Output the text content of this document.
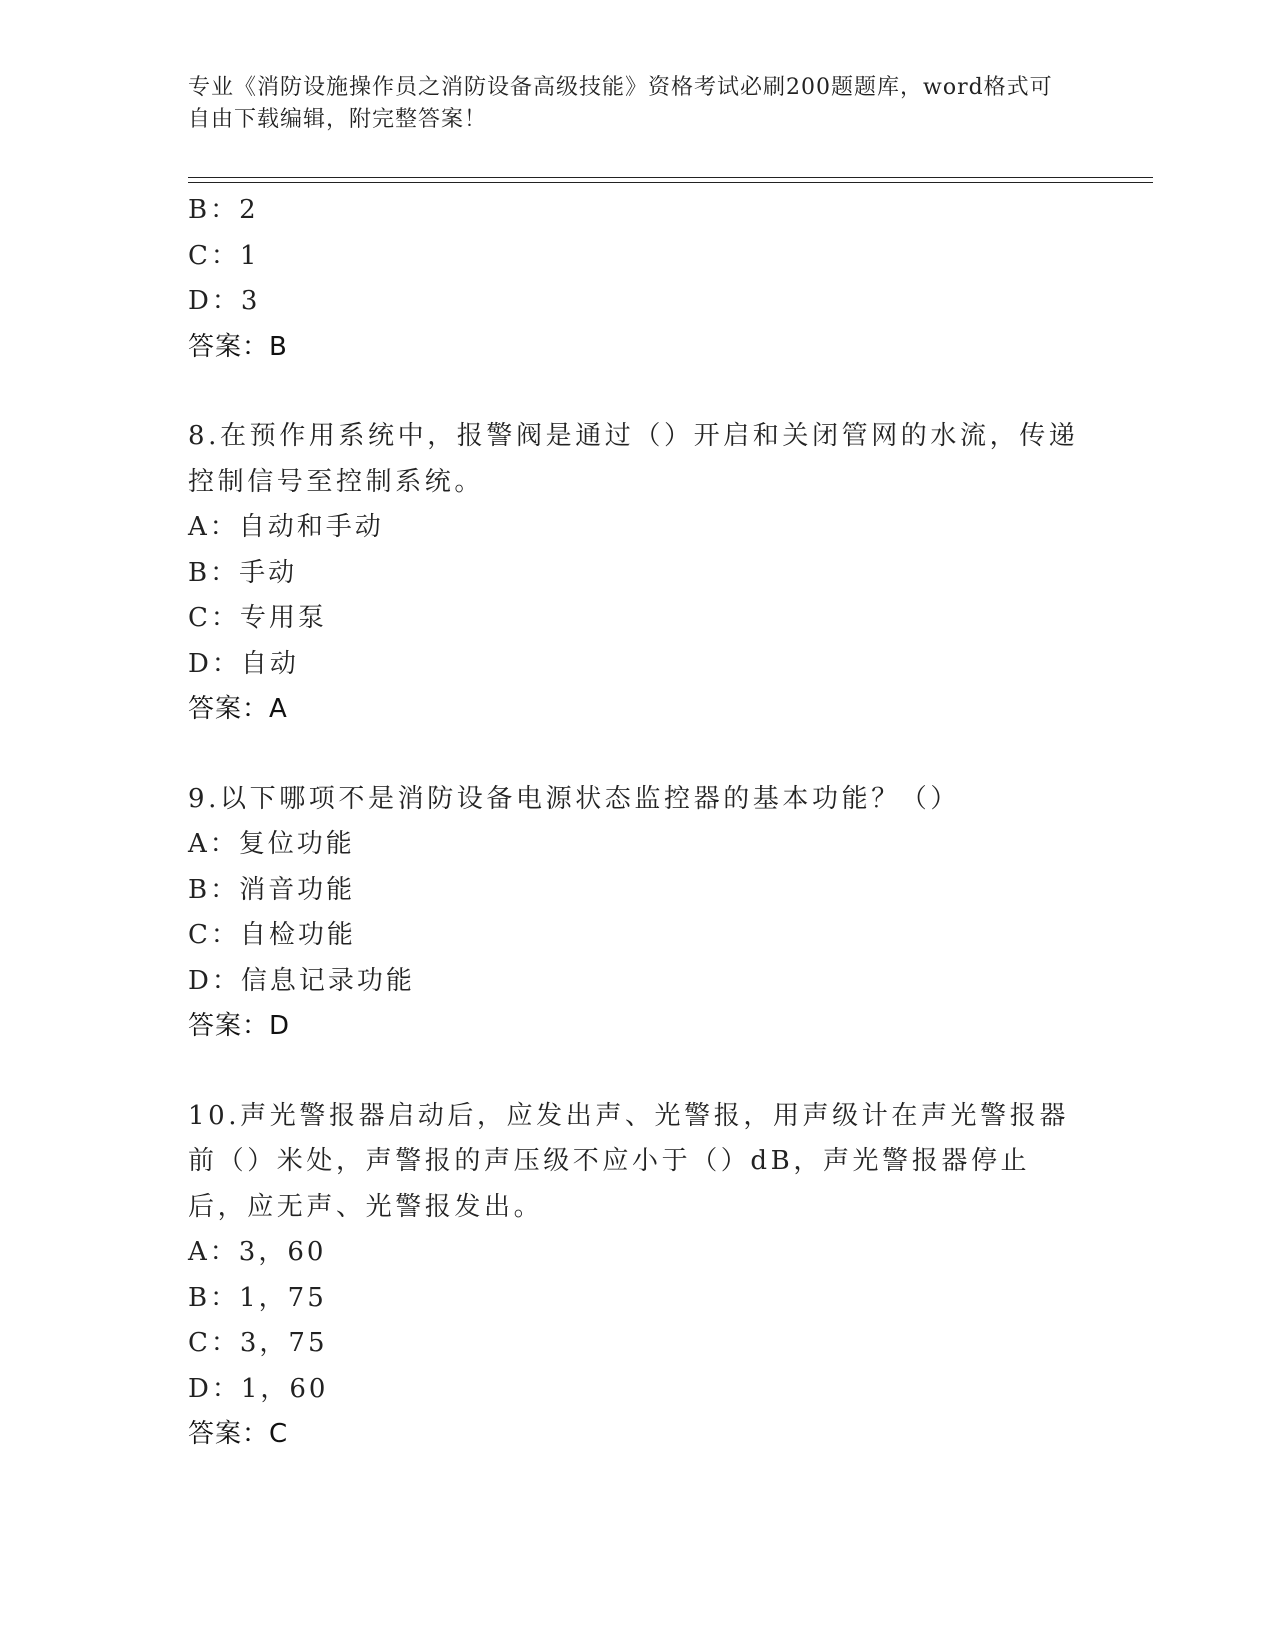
专业《消防设施操作员之消防设备高级技能》资格考试必刷200题题库，word格式可自由下载编辑，附完整答案！
B：2
C：1
D：3
答案：B
8.在预作用系统中，报警阀是通过（）开启和关闭管网的水流，传递控制信号至控制系统。
A：自动和手动
B：手动
C：专用泵
D：自动
答案：A
9.以下哪项不是消防设备电源状态监控器的基本功能？（）
A：复位功能
B：消音功能
C：自检功能
D：信息记录功能
答案：D
10.声光警报器启动后，应发出声、光警报，用声级计在声光警报器前（）米处，声警报的声压级不应小于（）dB，声光警报器停止后，应无声、光警报发出。
A：3，60
B：1，75
C：3，75
D：1，60
答案：C
